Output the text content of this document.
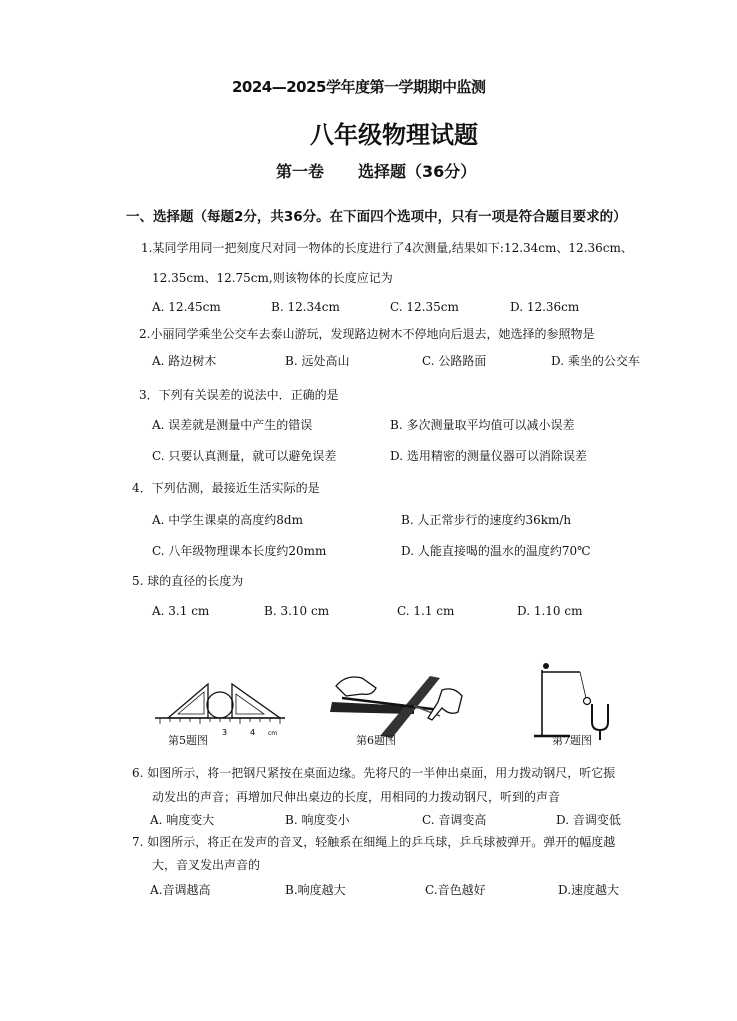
2024—2025学年度第一学期期中监测
八年级物理试题
第一卷 选择题（36分）
一、选择题（每题2分，共36分。在下面四个选项中，只有一项是符合题目要求的）
1.某同学用同一把刻度尺对同一物体的长度进行了4次测量,结果如下:12.34cm、12.36cm、
12.35cm、12.75cm,则该物体的长度应记为
A. 12.45cm	B. 12.34cm	C. 12.35cm	D. 12.36cm
2.小丽同学乘坐公交车去泰山游玩，发现路边树木不停地向后退去，她选择的参照物是
A. 路边树木	B. 远处高山	C. 公路路面	D. 乘坐的公交车
3．下列有关误差的说法中．正确的是
A. 误差就是测量中产生的错误	B. 多次测量取平均值可以减小误差
C. 只要认真测量，就可以避免误差	D. 选用精密的测量仪器可以消除误差
4．下列估测，最接近生活实际的是
A. 中学生课桌的高度约8dm	B. 人正常步行的速度约36km/h
C. 八年级物理课本长度约20mm	D. 人能直接喝的温水的温度约70℃
5. 球的直径的长度为
A. 3.1 cm	B. 3.10 cm	C. 1.1 cm	D. 1.10 cm
3	4 cm
第5题图	第6题图	第7题图
6. 如图所示，将一把钢尺紧按在桌面边缘。先将尺的一半伸出桌面，用力拨动钢尺，听它振
动发出的声音；再增加尺伸出桌边的长度，用相同的力拨动钢尺，听到的声音
A. 响度变大	B. 响度变小	C. 音调变高	D. 音调变低
7. 如图所示，将正在发声的音叉，轻触系在细绳上的乒乓球，乒乓球被弹开。弹开的幅度越
大，音叉发出声音的
A.音调越高	B.响度越大	C.音色越好	D.速度越大
